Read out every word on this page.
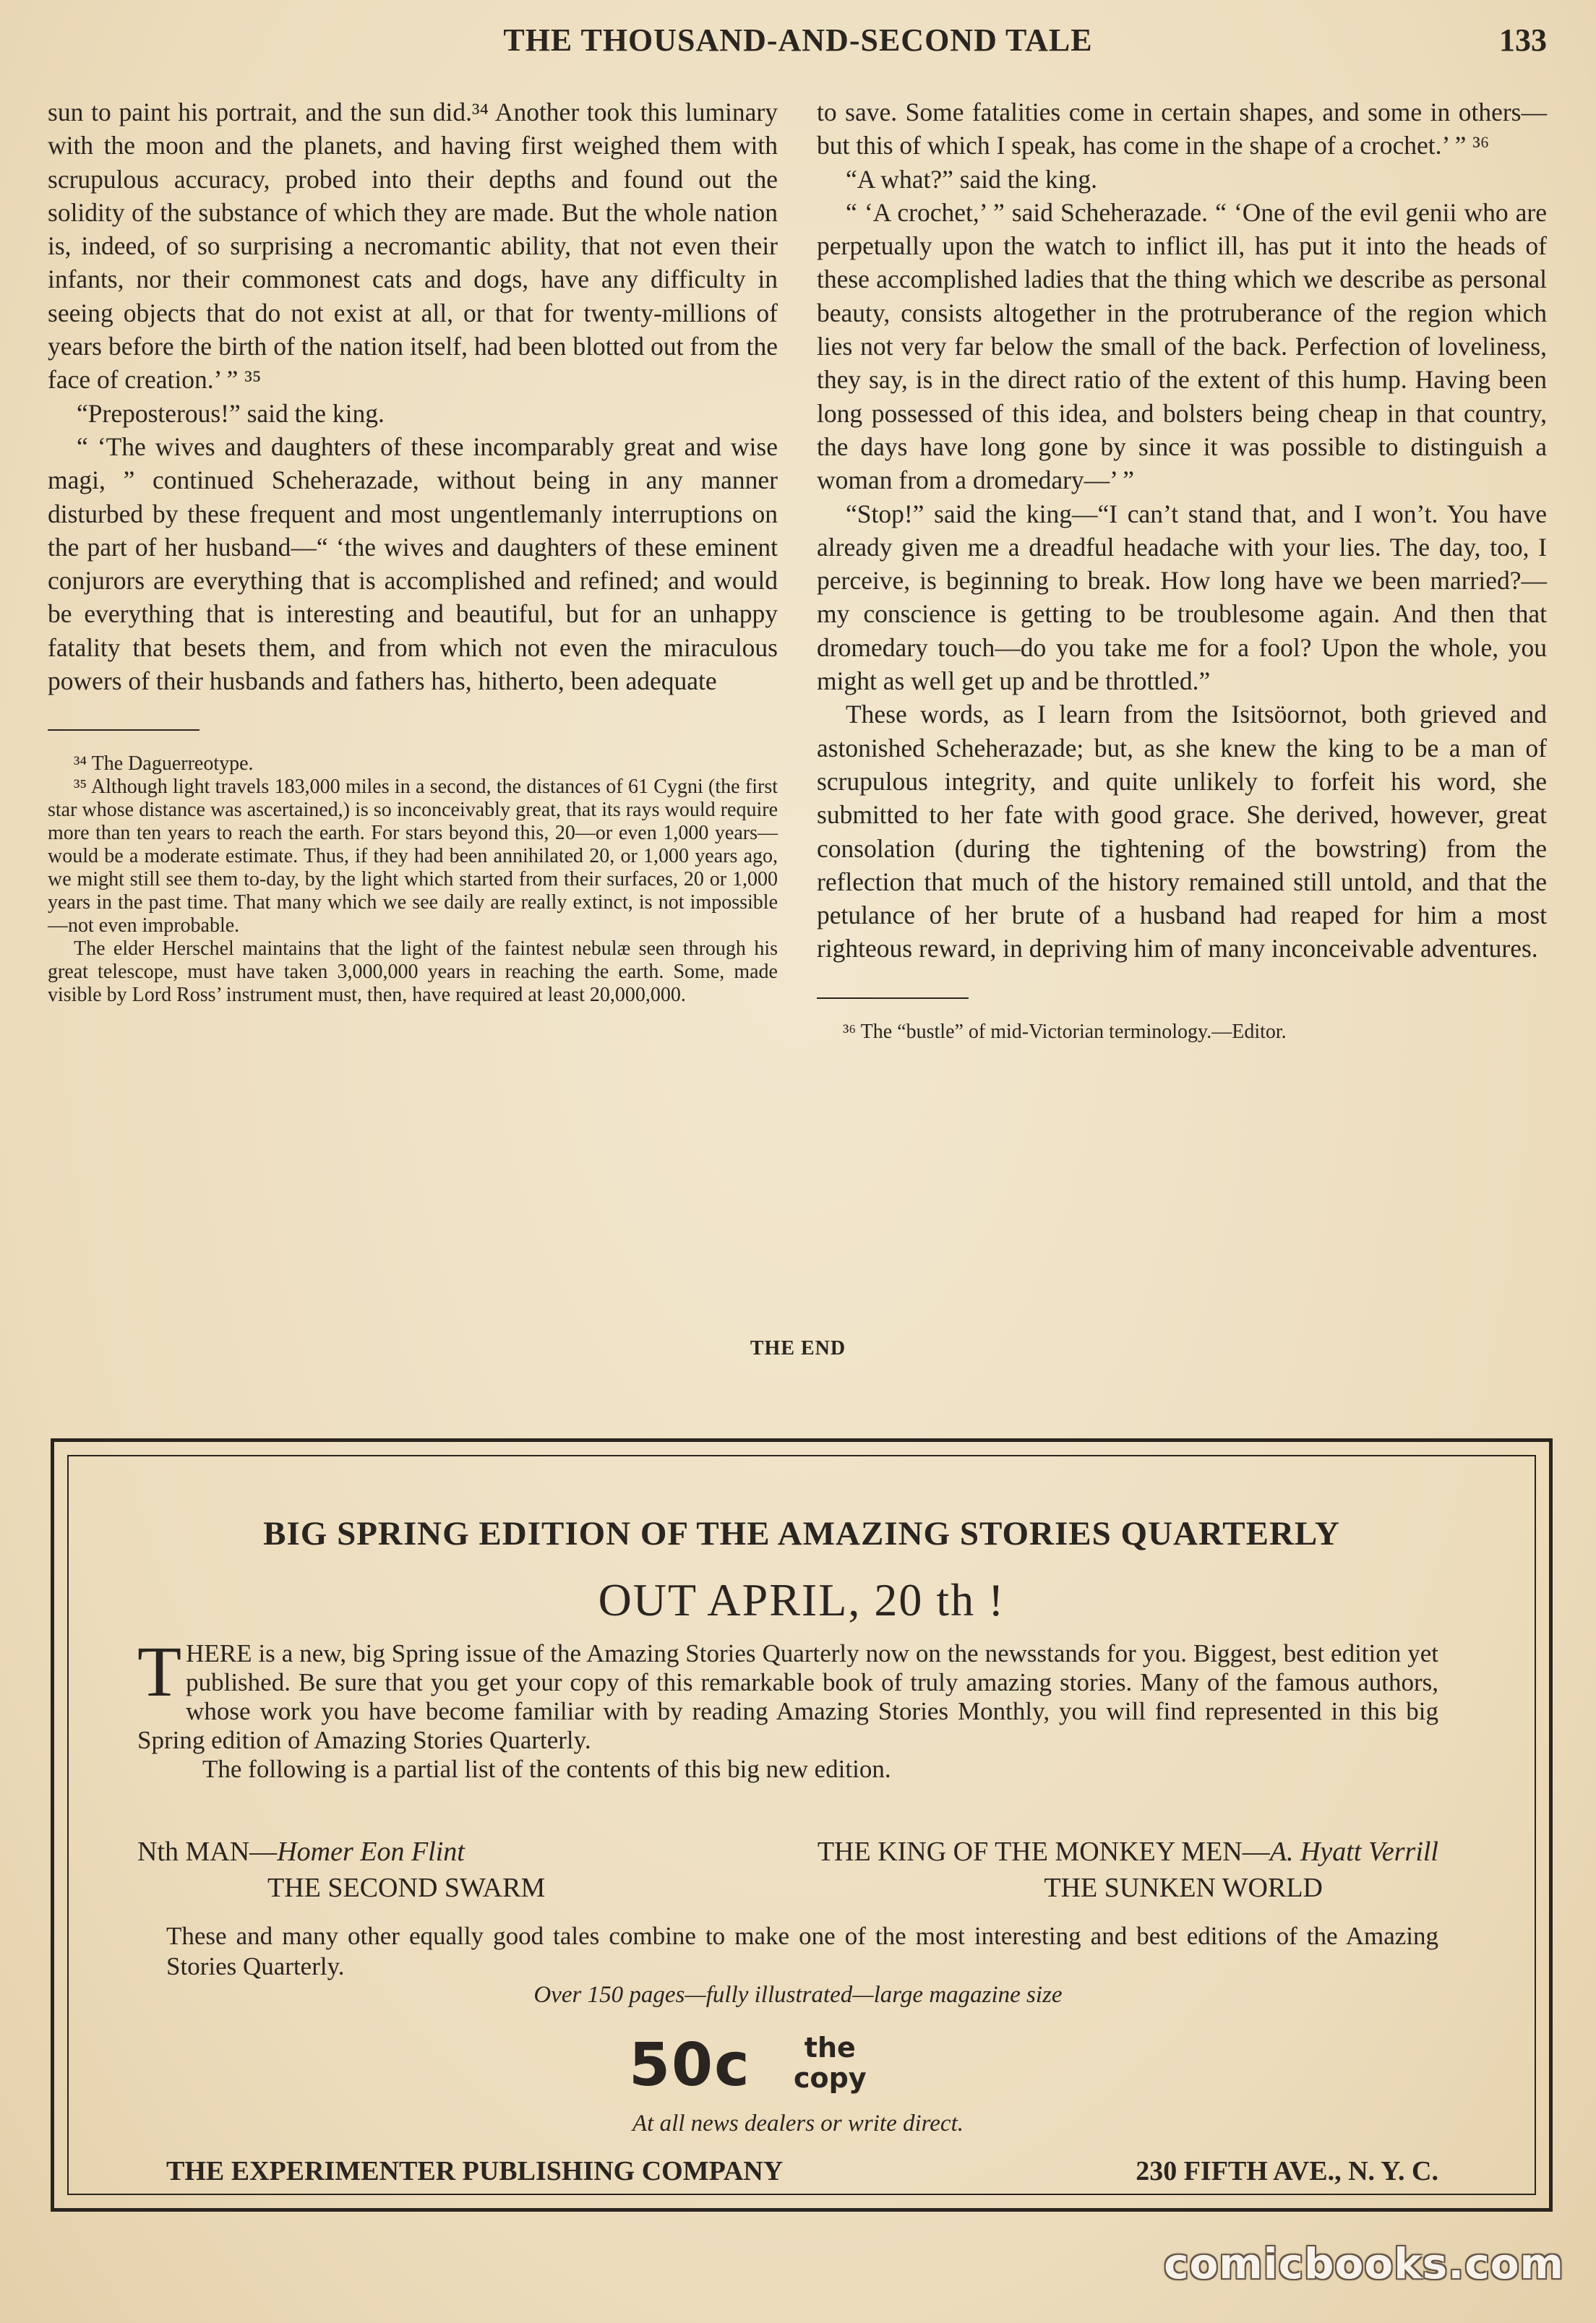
THE THOUSAND-AND-SECOND TALE	133

sun to paint his portrait, and the sun did.³⁴ Another took this luminary with the moon and the planets, and having first weighed them with scrupulous accuracy, probed into their depths and found out the solidity of the substance of which they are made. But the whole nation is, indeed, of so surprising a necromantic ability, that not even their infants, nor their commonest cats and dogs, have any difficulty in seeing objects that do not exist at all, or that for twenty-millions of years before the birth of the nation itself, had been blotted out from the face of creation.’ ” ³⁵

“Preposterous!” said the king.

“ ‘The wives and daughters of these incomparably great and wise magi, ” continued Scheherazade, without being in any manner disturbed by these frequent and most ungentlemanly interruptions on the part of her husband—“ ‘the wives and daughters of these eminent conjurors are everything that is accomplished and refined; and would be everything that is interesting and beautiful, but for an unhappy fatality that besets them, and from which not even the miraculous powers of their husbands and fathers has, hitherto, been adequate

³⁴ The Daguerreotype.

³⁵ Although light travels 183,000 miles in a second, the distances of 61 Cygni (the first star whose distance was ascertained,) is so inconceivably great, that its rays would require more than ten years to reach the earth. For stars beyond this, 20—or even 1,000 years—would be a moderate estimate. Thus, if they had been annihilated 20, or 1,000 years ago, we might still see them to-day, by the light which started from their surfaces, 20 or 1,000 years in the past time. That many which we see daily are really extinct, is not impossible—not even improbable.

The elder Herschel maintains that the light of the faintest nebulæ seen through his great telescope, must have taken 3,000,000 years in reaching the earth. Some, made visible by Lord Ross’ instrument must, then, have required at least 20,000,000.

to save. Some fatalities come in certain shapes, and some in others—but this of which I speak, has come in the shape of a crochet.’ ” ³⁶

“A what?” said the king.

“ ‘A crochet,’ ” said Scheherazade. “ ‘One of the evil genii who are perpetually upon the watch to inflict ill, has put it into the heads of these accomplished ladies that the thing which we describe as personal beauty, consists altogether in the protruberance of the region which lies not very far below the small of the back. Perfection of loveliness, they say, is in the direct ratio of the extent of this hump. Having been long possessed of this idea, and bolsters being cheap in that country, the days have long gone by since it was possible to distinguish a woman from a dromedary—’ ”

“Stop!” said the king—“I can’t stand that, and I won’t. You have already given me a dreadful headache with your lies. The day, too, I perceive, is beginning to break. How long have we been married?—my conscience is getting to be troublesome again. And then that dromedary touch—do you take me for a fool? Upon the whole, you might as well get up and be throttled.”

These words, as I learn from the Isitsöornot, both grieved and astonished Scheherazade; but, as she knew the king to be a man of scrupulous integrity, and quite unlikely to forfeit his word, she submitted to her fate with good grace. She derived, however, great consolation (during the tightening of the bowstring) from the reflection that much of the history remained still untold, and that the petulance of her brute of a husband had reaped for him a most righteous reward, in depriving him of many inconceivable adventures.

³⁶ The “bustle” of mid-Victorian terminology.—Editor.

THE END
BIG SPRING EDITION OF THE AMAZING STORIES QUARTERLY
OUT APRIL, 20 th !
T HERE is a new, big Spring issue of the Amazing Stories Quarterly now on the newsstands for you. Biggest, best edition yet published. Be sure that you get your copy of this remarkable book of truly amazing stories. Many of the famous authors, whose work you have become familiar with by reading Amazing Stories Monthly, you will find represented in this big Spring edition of Amazing Stories Quarterly.
The following is a partial list of the contents of this big new edition.
Nth MAN—Homer Eon Flint	THE KING OF THE MONKEY MEN—A. Hyatt Verrill
THE SECOND SWARM	THE SUNKEN WORLD
These and many other equally good tales combine to make one of the most interesting and best editions of the Amazing Stories Quarterly.
Over 150 pages—fully illustrated—large magazine size
50c	the
copy
At all news dealers or write direct.
THE EXPERIMENTER PUBLISHING COMPANY	230 FIFTH AVE., N. Y. C.
comicbooks.com
